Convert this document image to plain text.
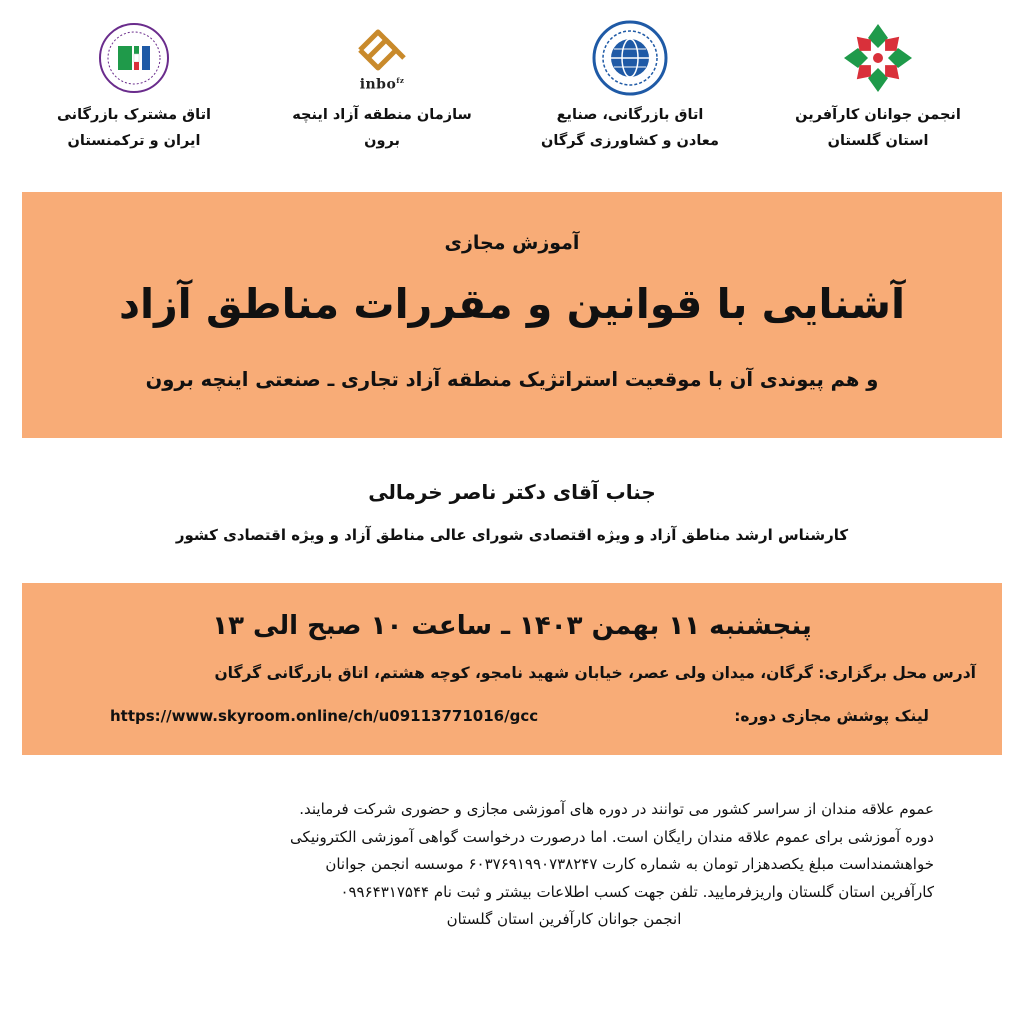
انجمن جوانان کارآفرین
استان گلستان
اتاق بازرگانی، صنایع
معادن و کشاورزی گرگان
inbo$^{fz}$
سازمان منطقه آزاد اینچه برون
اتاق مشترک بازرگانی
ایران و ترکمنستان
آموزش مجازی
آشنایی با قوانین و مقررات مناطق آزاد
و هم پیوندی آن با موقعیت استراتژیک منطقه آزاد تجاری ـ صنعتی اینچه برون
جناب آقای دکتر ناصر خرمالی
کارشناس ارشد مناطق آزاد و ویژه اقتصادی شورای عالی مناطق آزاد و ویژه اقتصادی کشور
پنجشنبه ۱۱ بهمن ۱۴۰۳ ـ ساعت ۱۰ صبح الی ۱۳
آدرس محل برگزاری: گرگان، میدان ولی عصر، خیابان شهید نامجو، کوچه هشتم، اتاق بازرگانی گرگان
لینک پوشش مجازی دوره:
https://www.skyroom.online/ch/u09113771016/gcc
عموم علاقه مندان از سراسر کشور می توانند در دوره های آموزشی مجازی و حضوری شرکت فرمایند.
دوره آموزشی برای عموم علاقه مندان رایگان است. اما درصورت درخواست گواهی آموزشی الکترونیکی
خواهشمنداست مبلغ یکصدهزار تومان به شماره کارت ۶۰۳۷۶۹۱۹۹۰۷۳۸۲۴۷ موسسه انجمن جوانان
کارآفرین استان گلستان واریزفرمایید. تلفن جهت کسب اطلاعات بیشتر و ثبت نام ۰۹۹۶۴۳۱۷۵۴۴
انجمن جوانان کارآفرین استان گلستان
